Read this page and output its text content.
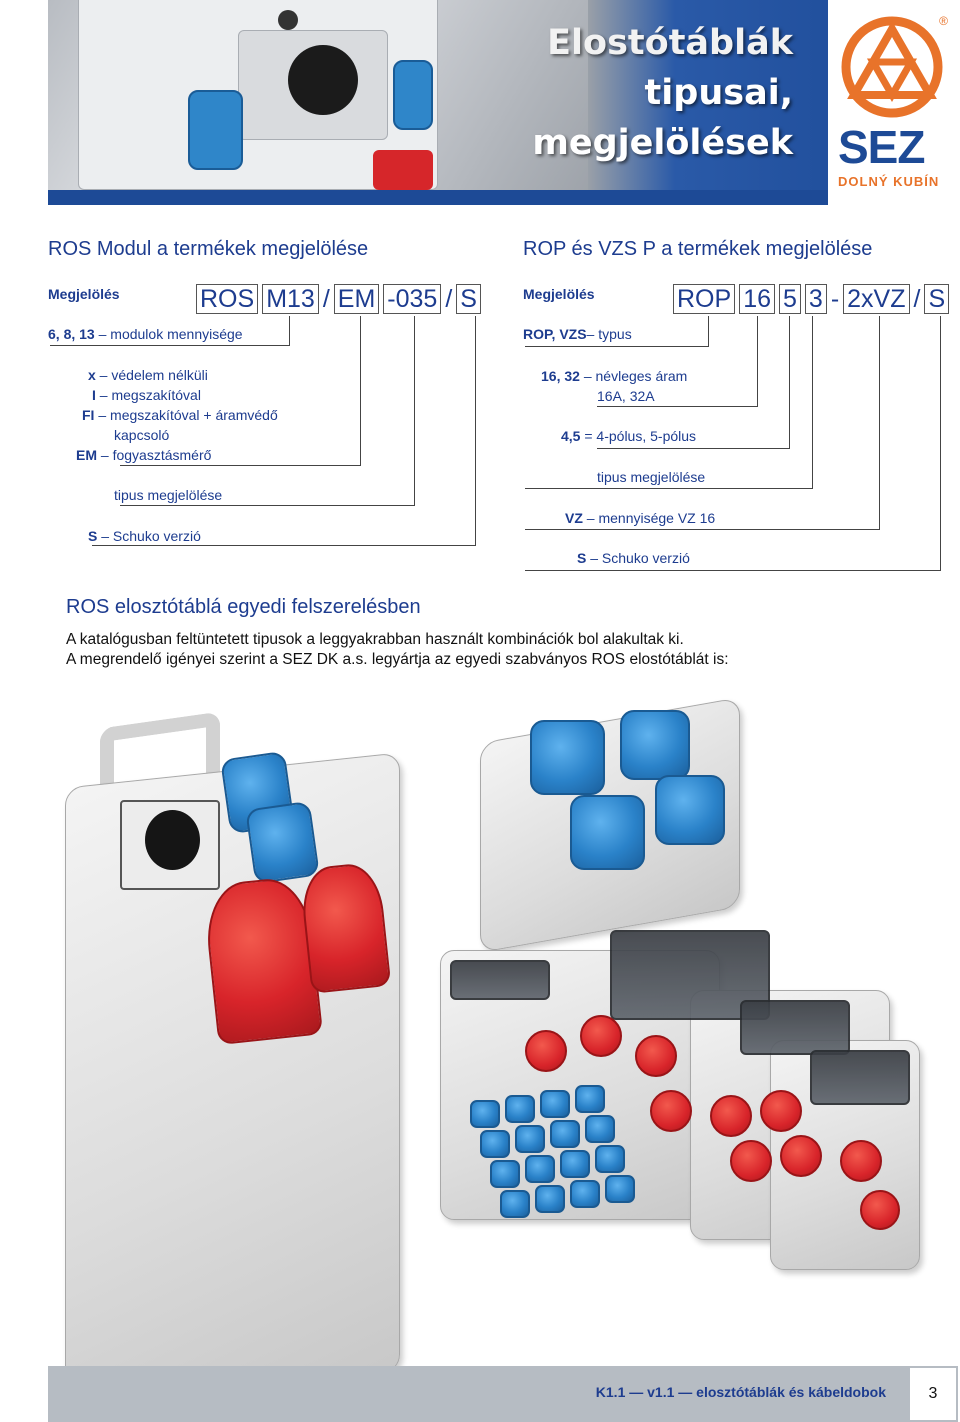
Elostótáblák
tipusai,
megjelölések
®
SEZ
DOLNÝ KUBÍN
ROS Modul a termékek megjelölése
Megjelölés	ROS M13 / EM -035 / S
6, 8, 13 – modulok mennyisége
x – védelem nélküli
I – megszakítóval
FI – megszakítóval + áramvédő
kapcsoló
EM – fogyasztásmérő
tipus megjelölése
S – Schuko verzió
ROP és VZS P a termékek megjelölése
Megjelölés	ROP 16 5 3 - 2xVZ / S
ROP, VZS– typus
16, 32 – névleges áram
16A, 32A
4,5 = 4-pólus, 5-pólus
tipus megjelölése
VZ – mennyisége VZ 16
S – Schuko verzió
ROS elosztótáblá egyedi felszerelésben
A katalógusban feltüntetett tipusok a leggyakrabban használt kombinációk bol alakultak ki.
A megrendelő igényei szerint a SEZ DK a.s. legyártja az egyedi szabványos ROS elostótáblát is:
K1.1 — v1.1 — elosztótáblák és kábeldobok	3
